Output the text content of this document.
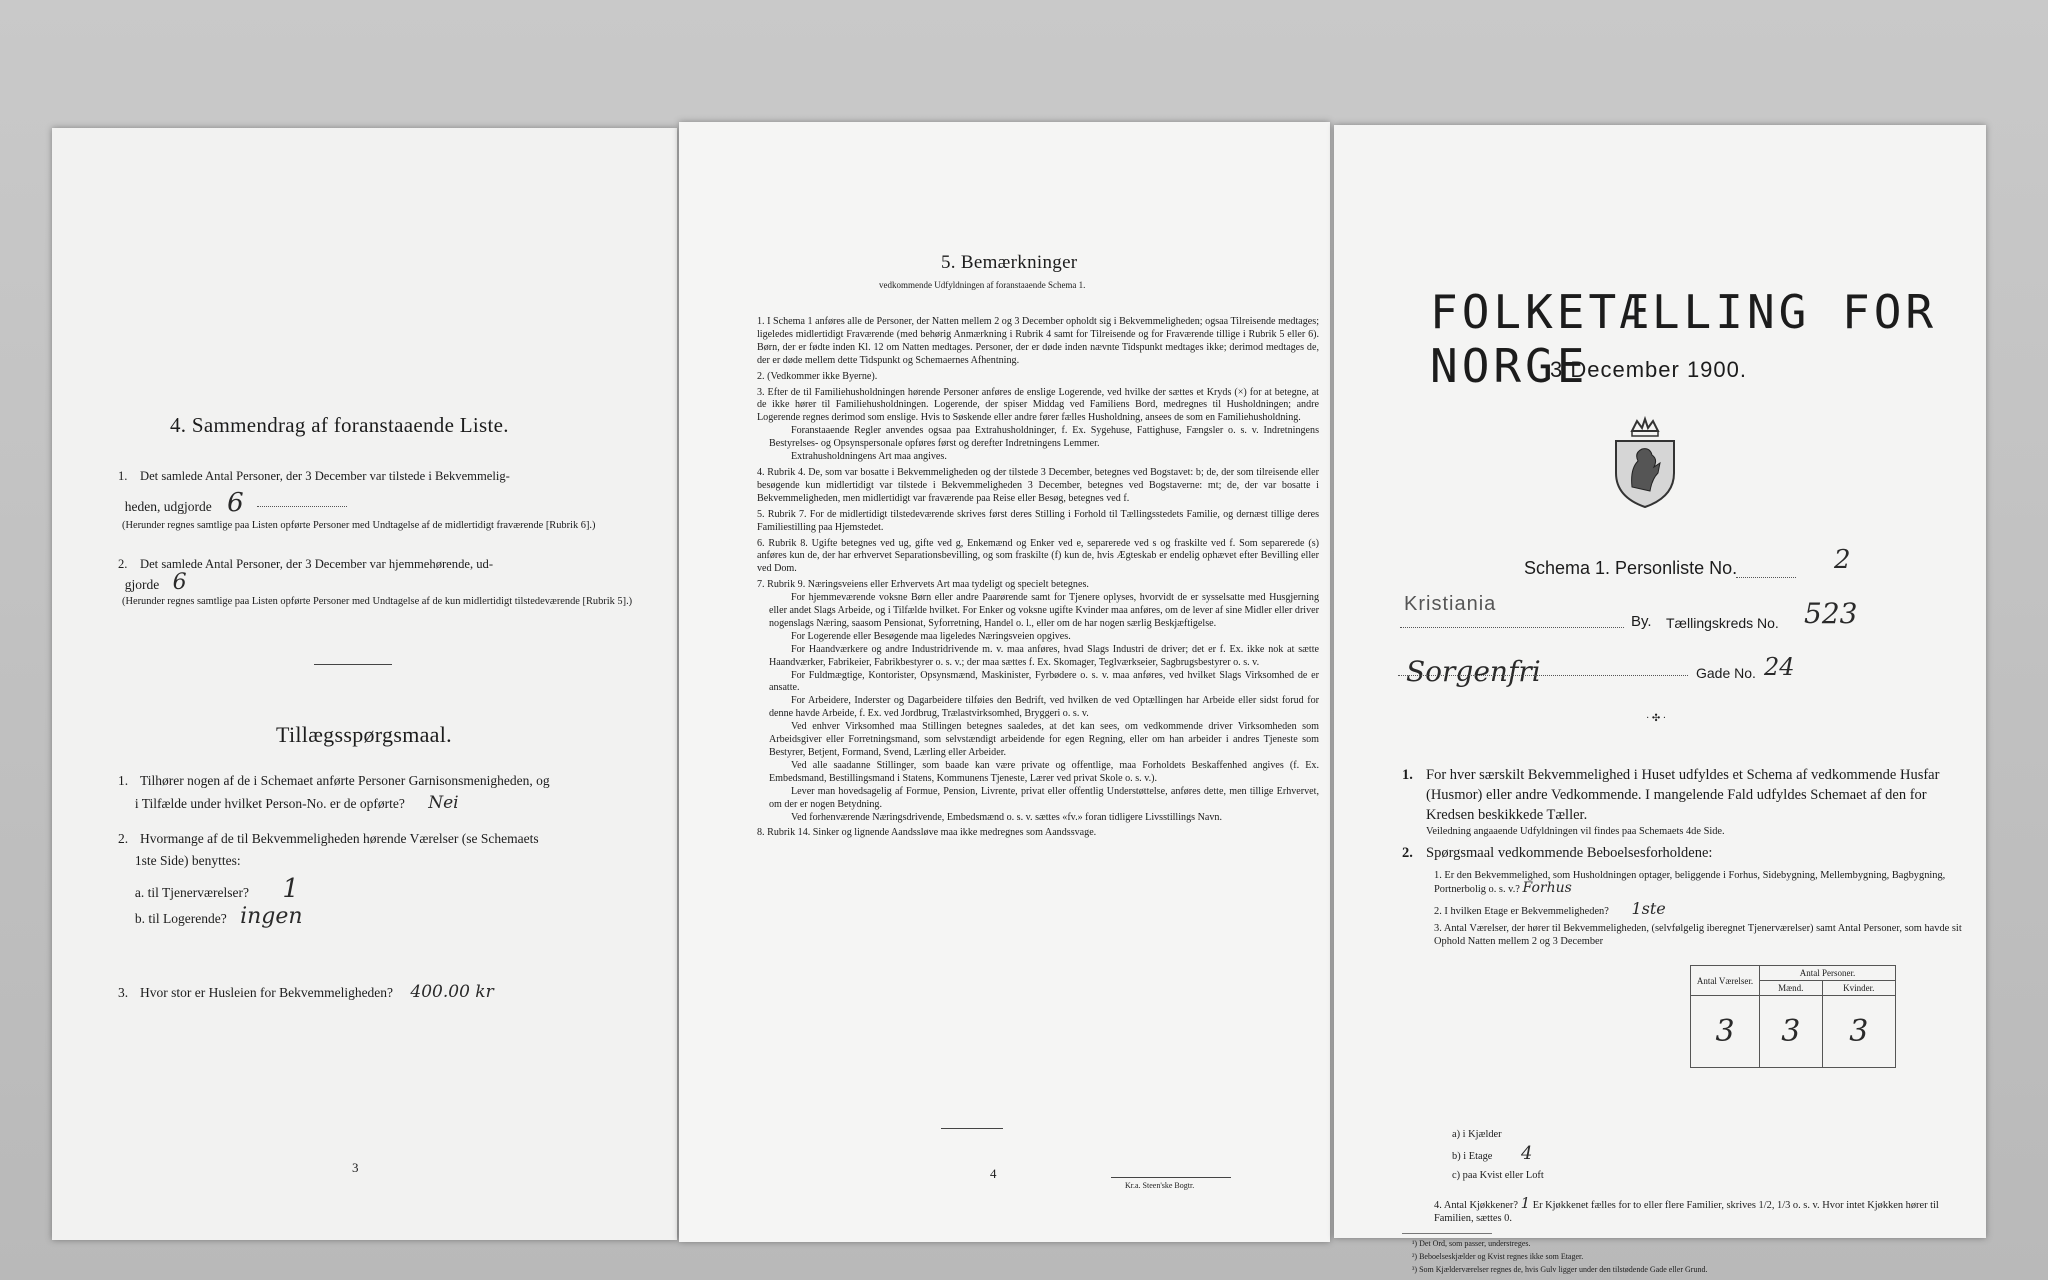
4. Sammendrag af foranstaaende Liste.

1. Det samlede Antal Personer, der 3 December var tilstede i Bekvemmelig-

heden, udgjorde 6

(Herunder regnes samtlige paa Listen opførte Personer med Undtagelse af de midlertidigt fraværende [Rubrik 6].)

2. Det samlede Antal Personer, der 3 December var hjemmehørende, ud-

gjorde 6

(Herunder regnes samtlige paa Listen opførte Personer med Undtagelse af de kun midlertidigt tilstedeværende [Rubrik 5].)

Tillægsspørgsmaal.

1. Tilhører nogen af de i Schemaet anførte Personer Garnisonsmenigheden, og

i Tilfælde under hvilket Person-No. er de opførte? Nei

2. Hvormange af de til Bekvemmeligheden hørende Værelser (se Schemaets

1ste Side) benyttes:

a. til Tjenerværelser? 1

b. til Logerende? ingen

3. Hvor stor er Husleien for Bekvemmeligheden? 400.00 kr

3
5. Bemærkninger
vedkommende Udfyldningen af foranstaaende Schema 1.

1. I Schema 1 anføres alle de Personer, der Natten mellem 2 og 3 December opholdt sig i Bekvemmeligheden; ogsaa Tilreisende medtages; ligeledes midlertidigt Fraværende (med behørig Anmærkning i Rubrik 4 samt for Tilreisende og for Fraværende tillige i Rubrik 5 eller 6). Børn, der er fødte inden Kl. 12 om Natten medtages. Personer, der er døde inden nævnte Tidspunkt medtages ikke; derimod medtages de, der er døde mellem dette Tidspunkt og Schemaernes Afhentning.

2. (Vedkommer ikke Byerne).

3. Efter de til Familiehusholdningen hørende Personer anføres de enslige Logerende, ved hvilke der sættes et Kryds (×) for at betegne, at de ikke hører til Familiehusholdningen. Logerende, der spiser Middag ved Familiens Bord, medregnes til Husholdningen; andre Logerende regnes derimod som enslige. Hvis to Søskende eller andre fører fælles Husholdning, ansees de som en Familiehusholdning.

Foranstaaende Regler anvendes ogsaa paa Extrahusholdninger, f. Ex. Sygehuse, Fattighuse, Fængsler o. s. v. Indretningens Bestyrelses- og Opsynspersonale opføres først og derefter Indretningens Lemmer.

Extrahusholdningens Art maa angives.

4. Rubrik 4. De, som var bosatte i Bekvemmeligheden og der tilstede 3 December, betegnes ved Bogstavet: b; de, der som tilreisende eller besøgende kun midlertidigt var tilstede i Bekvemmeligheden 3 December, betegnes ved Bogstaverne: mt; de, der var bosatte i Bekvemmeligheden, men midlertidigt var fraværende paa Reise eller Besøg, betegnes ved f.

5. Rubrik 7. For de midlertidigt tilstedeværende skrives først deres Stilling i Forhold til Tællingsstedets Familie, og dernæst tillige deres Familiestilling paa Hjemstedet.

6. Rubrik 8. Ugifte betegnes ved ug, gifte ved g, Enkemænd og Enker ved e, separerede ved s og fraskilte ved f. Som separerede (s) anføres kun de, der har erhvervet Separationsbevilling, og som fraskilte (f) kun de, hvis Ægteskab er endelig ophævet efter Bevilling eller ved Dom.

7. Rubrik 9. Næringsveiens eller Erhvervets Art maa tydeligt og specielt betegnes.

For hjemmeværende voksne Børn eller andre Paarørende samt for Tjenere oplyses, hvorvidt de er sysselsatte med Husgjerning eller andet Slags Arbeide, og i Tilfælde hvilket. For Enker og voksne ugifte Kvinder maa anføres, om de lever af sine Midler eller driver nogenslags Næring, saasom Pensionat, Syforretning, Handel o. l., eller om de har nogen særlig Beskjæftigelse.

For Logerende eller Besøgende maa ligeledes Næringsveien opgives.

For Haandværkere og andre Industridrivende m. v. maa anføres, hvad Slags Industri de driver; det er f. Ex. ikke nok at sætte Haandværker, Fabrikeier, Fabrikbestyrer o. s. v.; der maa sættes f. Ex. Skomager, Teglværkseier, Sagbrugsbestyrer o. s. v.

For Fuldmægtige, Kontorister, Opsynsmænd, Maskinister, Fyrbødere o. s. v. maa anføres, ved hvilket Slags Virksomhed de er ansatte.

For Arbeidere, Inderster og Dagarbeidere tilføies den Bedrift, ved hvilken de ved Optællingen har Arbeide eller sidst forud for denne havde Arbeide, f. Ex. ved Jordbrug, Trælastvirksomhed, Bryggeri o. s. v.

Ved enhver Virksomhed maa Stillingen betegnes saaledes, at det kan sees, om vedkommende driver Virksomheden som Arbeidsgiver eller Forretningsmand, som selvstændigt arbeidende for egen Regning, eller om han arbeider i andres Tjeneste som Bestyrer, Betjent, Formand, Svend, Lærling eller Arbeider.

Ved alle saadanne Stillinger, som baade kan være private og offentlige, maa Forholdets Beskaffenhed angives (f. Ex. Embedsmand, Bestillingsmand i Statens, Kommunens Tjeneste, Lærer ved privat Skole o. s. v.).

Lever man hovedsagelig af Formue, Pension, Livrente, privat eller offentlig Understøttelse, anføres dette, men tillige Erhvervet, om der er nogen Betydning.

Ved forhenværende Næringsdrivende, Embedsmænd o. s. v. sættes «fv.» foran tidligere Livsstillings Navn.

8. Rubrik 14. Sinker og lignende Aandssløve maa ikke medregnes som Aandssvage.

4
Kr.a. Steen'ske Bogtr.
FOLKETÆLLING FOR NORGE
3 December 1900.
Schema 1. Personliste No.	2
Kristiania
By. Tællingskreds No. 523
Sorgenfri	Gade No. 24
· ✣ ·

1. For hver særskilt Bekvemmelighed i Huset udfyldes et Schema af vedkommende Husfar (Husmor) eller andre Vedkommende. I mangelende Fald udfyldes Schemaet af den for Kredsen beskikkede Tæller.

Veiledning angaaende Udfyldningen vil findes paa Schemaets 4de Side.

2. Spørgsmaal vedkommende Beboelsesforholdene:

1. Er den Bekvemmelighed, som Husholdningen optager, beliggende i Forhus, Sidebygning, Mellembygning, Bagbygning, Portnerbolig o. s. v.? Forhus

2. I hvilken Etage er Bekvemmeligheden? 1ste

3. Antal Værelser, der hører til Bekvemmeligheden, (selvfølgelig iberegnet Tjenerværelser) samt Antal Personer, som havde sit Ophold Natten mellem 2 og 3 December

Antal Værelser.	Antal Personer.	
	Mænd.	Kvinder.
3	3	3

a) i Kjælder

b) i Etage 4

c) paa Kvist eller Loft

4. Antal Kjøkkener? 1 Er Kjøkkenet fælles for to eller flere Familier, skrives 1/2, 1/3 o. s. v. Hvor intet Kjøkken hører til Familien, sættes 0.

¹) Det Ord, som passer, understreges.

²) Beboelseskjælder og Kvist regnes ikke som Etager.

³) Som Kjælderværelser regnes de, hvis Gulv ligger under den tilstødende Gade eller Grund.
